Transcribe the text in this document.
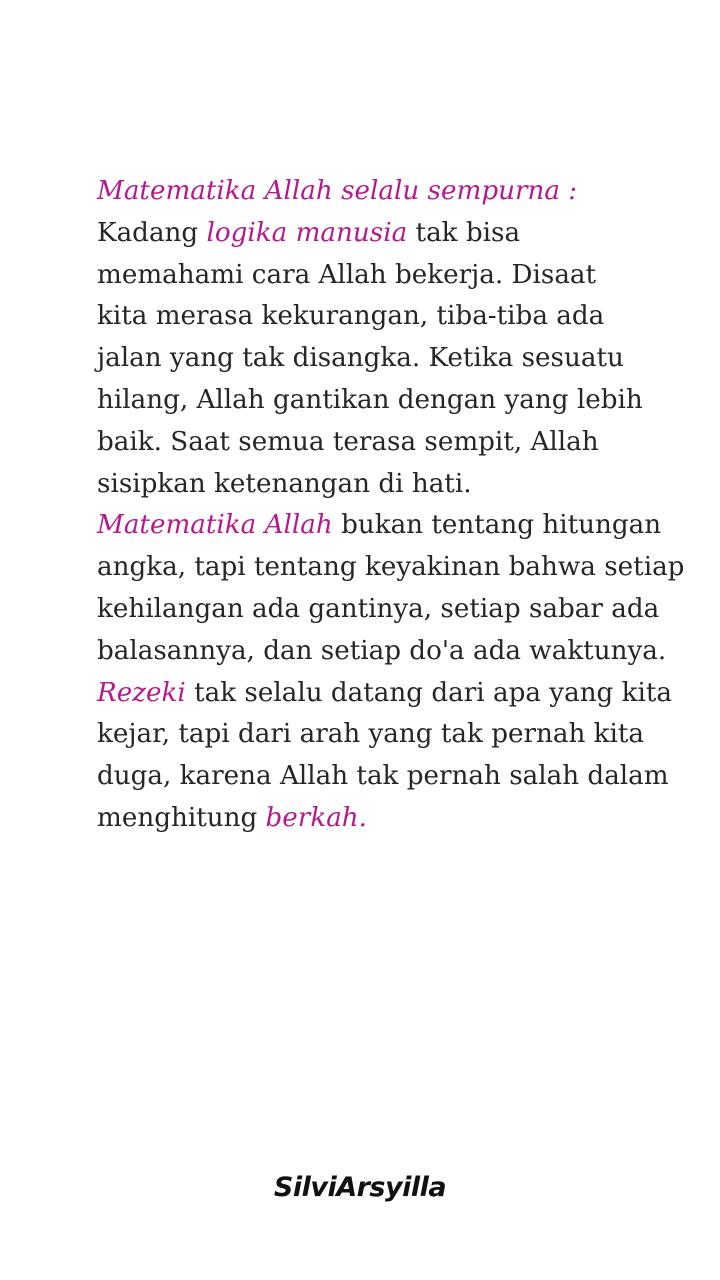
Matematika Allah selalu sempurna :
Kadang logika manusia tak bisa
memahami cara Allah bekerja. Disaat
kita merasa kekurangan, tiba-tiba ada
jalan yang tak disangka. Ketika sesuatu
hilang, Allah gantikan dengan yang lebih
baik. Saat semua terasa sempit, Allah
sisipkan ketenangan di hati.
Matematika Allah bukan tentang hitungan
angka, tapi tentang keyakinan bahwa setiap
kehilangan ada gantinya, setiap sabar ada
balasannya, dan setiap do'a ada waktunya.
Rezeki tak selalu datang dari apa yang kita
kejar, tapi dari arah yang tak pernah kita
duga, karena Allah tak pernah salah dalam
menghitung berkah.
SilviArsyilla
